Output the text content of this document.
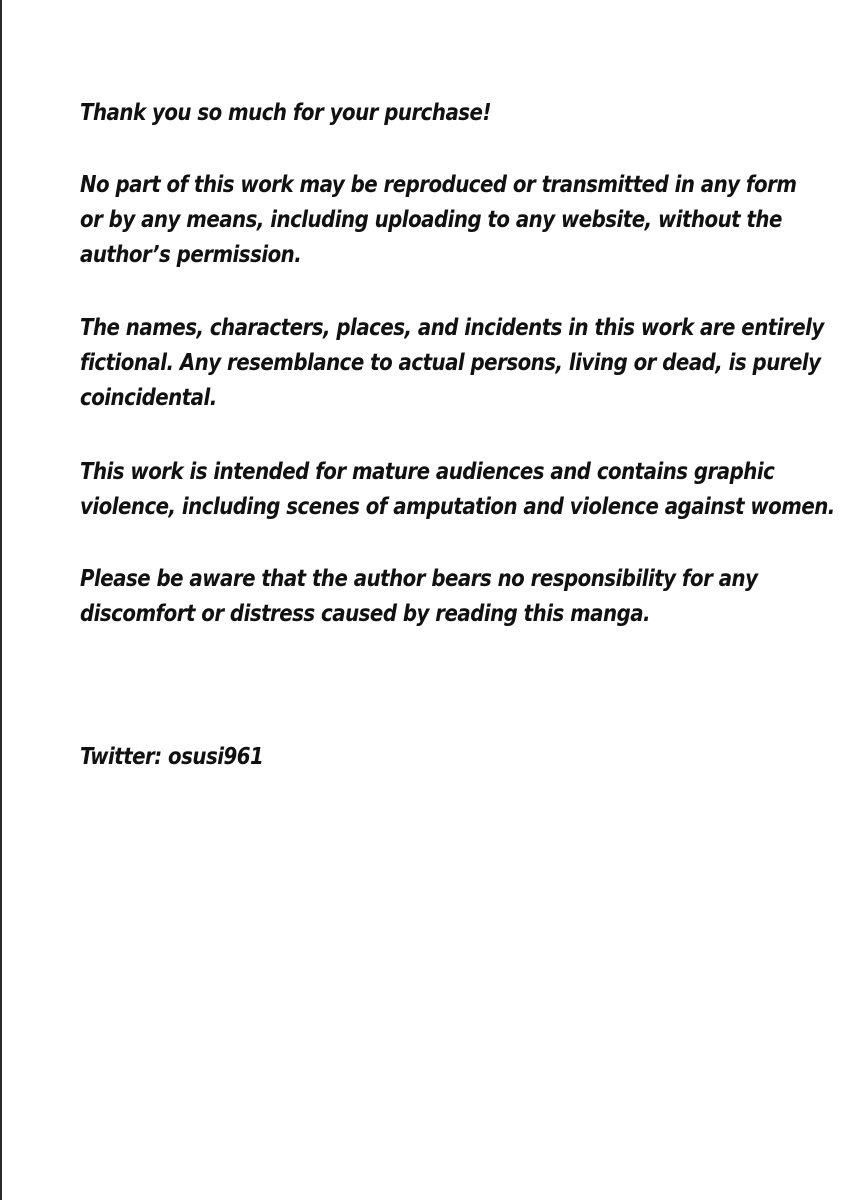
Thank you so much for your purchase!

No part of this work may be reproduced or transmitted in any form
or by any means, including uploading to any website, without the
author’s permission.

The names, characters, places, and incidents in this work are entirely
fictional. Any resemblance to actual persons, living or dead, is purely
coincidental.

This work is intended for mature audiences and contains graphic
violence, including scenes of amputation and violence against women.

Please be aware that the author bears no responsibility for any
discomfort or distress caused by reading this manga.

Twitter: osusi961
